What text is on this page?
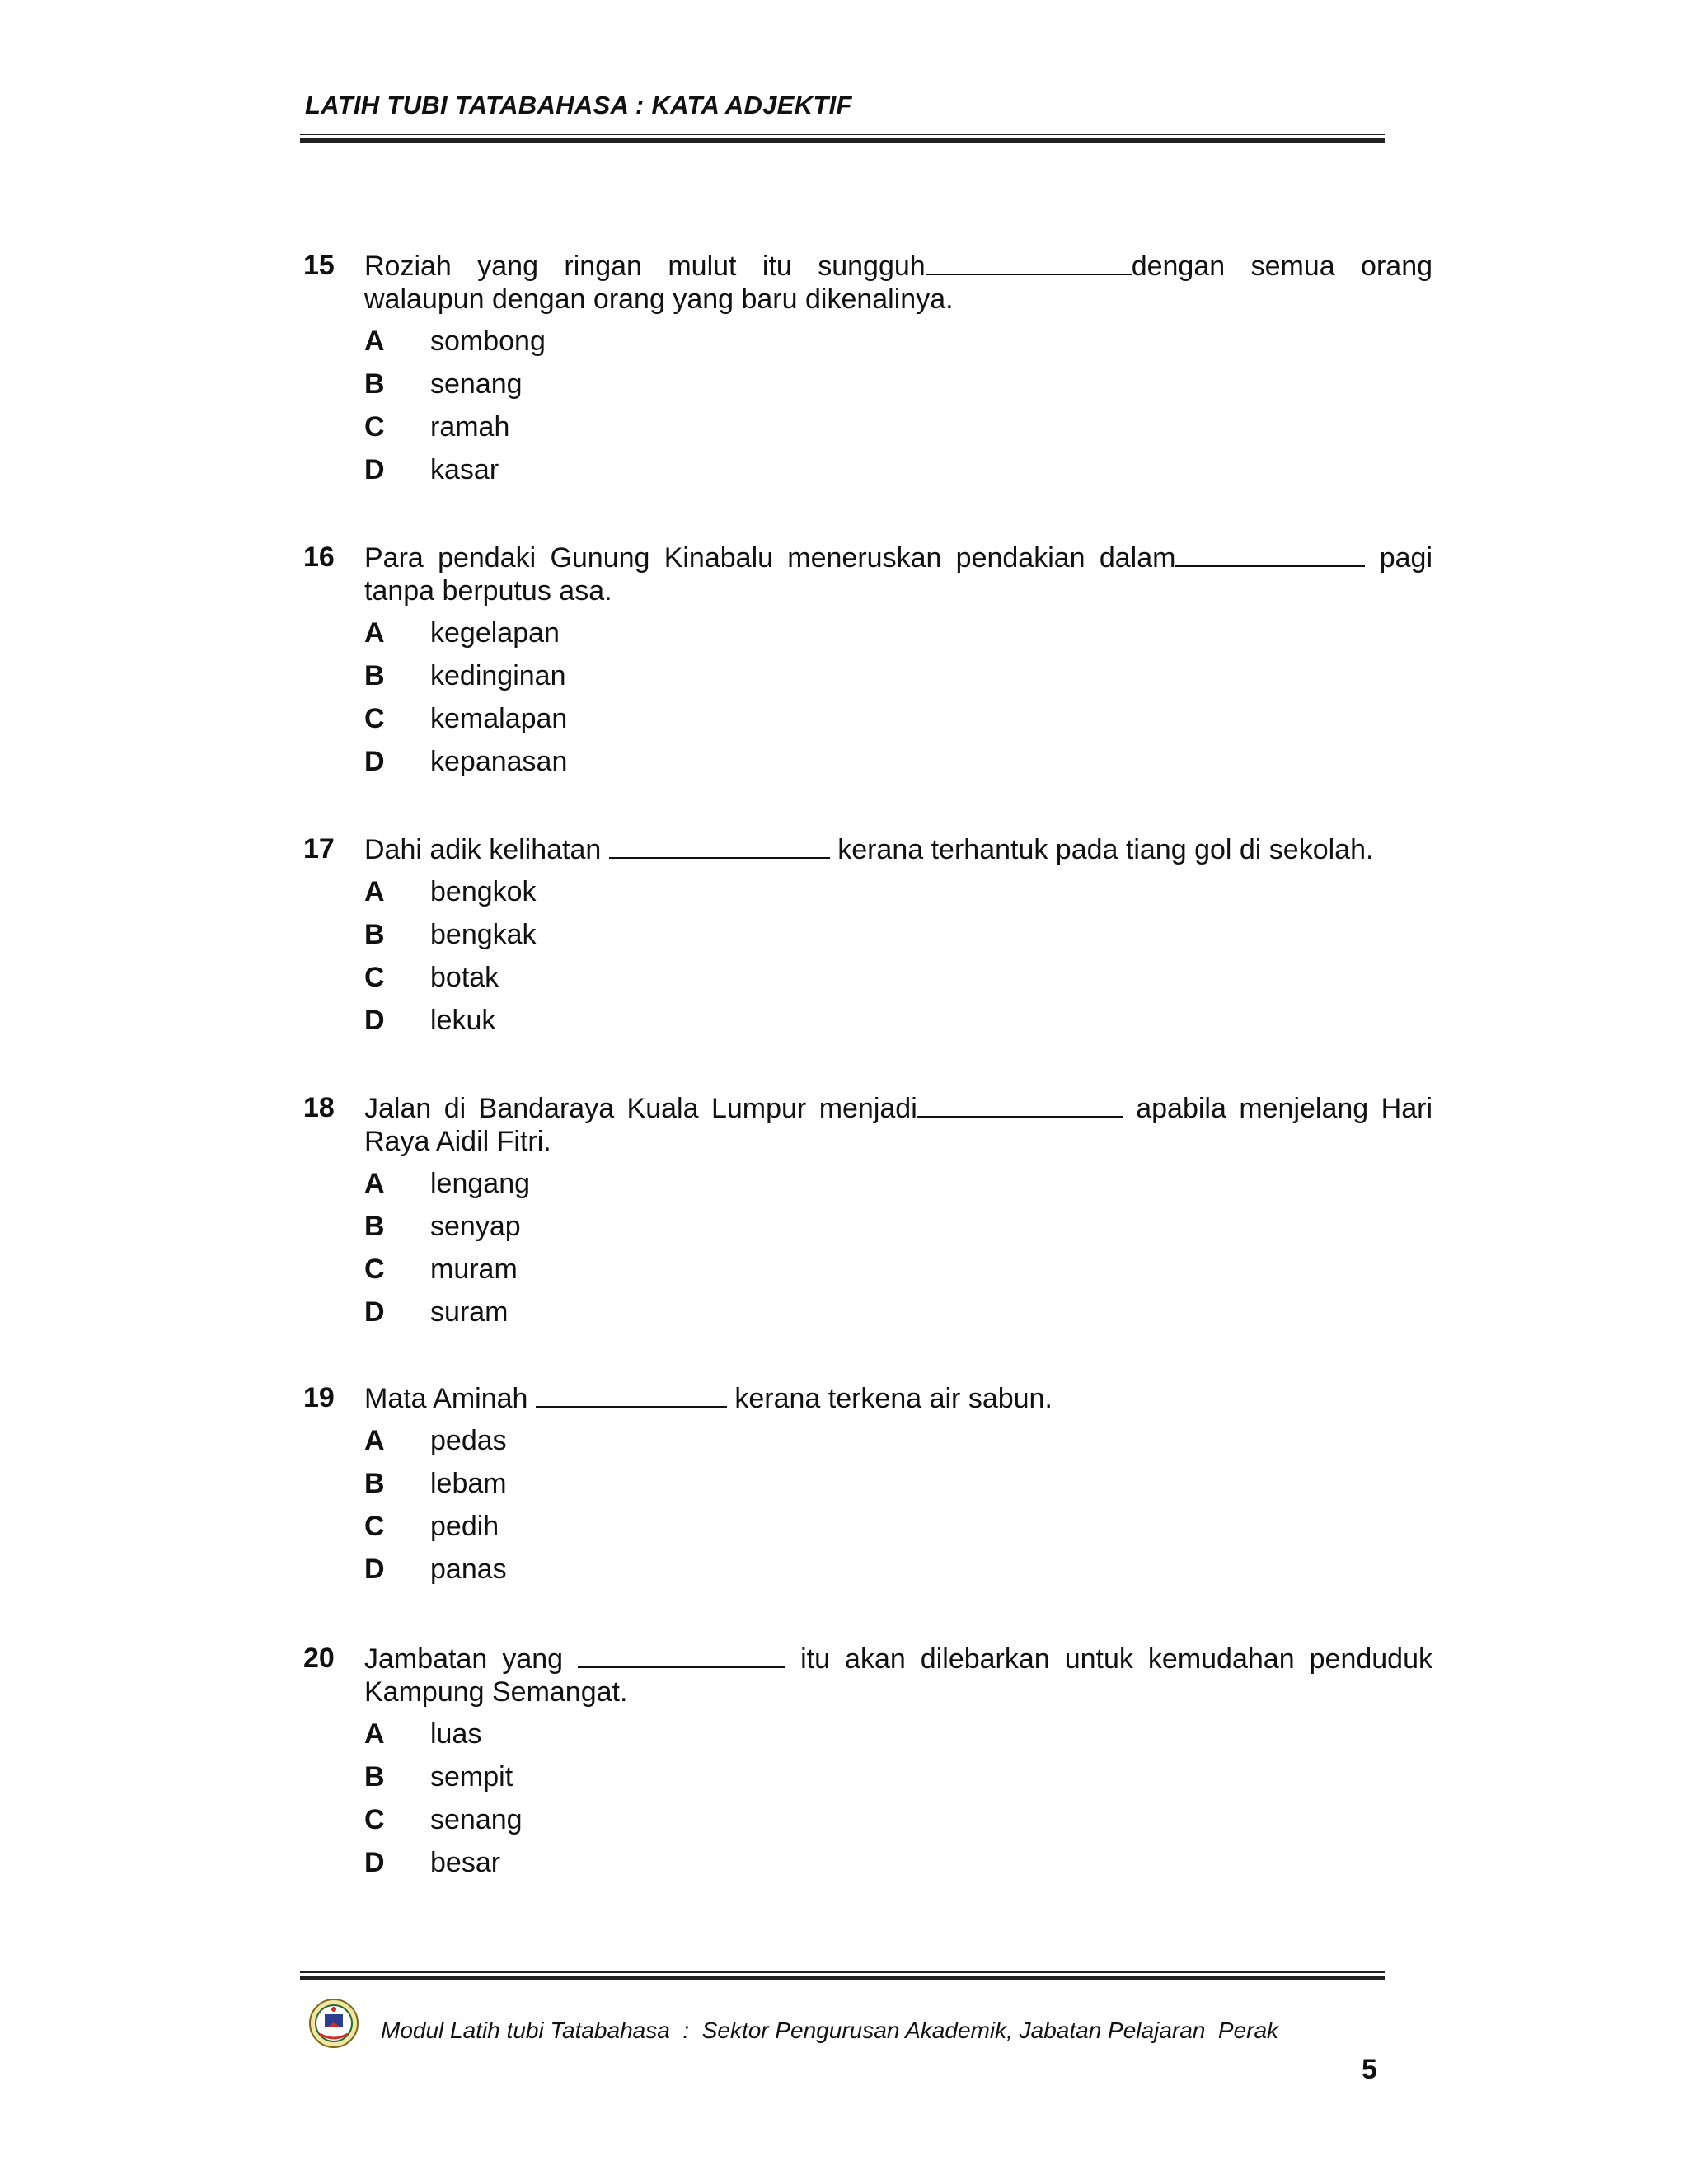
LATIH TUBI TATABAHASA : KATA ADJEKTIF
15 Roziah yang ringan mulut itu sungguh	dengan semua orang walaupun dengan orang yang baru dikenalinya.
A sombong
B senang
C ramah
D kasar
16 Para pendaki Gunung Kinabalu meneruskan pendakian dalam	pagi tanpa berputus asa.
A kegelapan
B kedinginan
C kemalapan
D kepanasan
17 Dahi adik kelihatan	kerana terhantuk pada tiang gol di sekolah.
A bengkok
B bengkak
C botak
D lekuk
18 Jalan di Bandaraya Kuala Lumpur menjadi	apabila menjelang Hari Raya Aidil Fitri.
A lengang
B senyap
C muram
D suram
19 Mata Aminah	kerana terkena air sabun.
A pedas
B lebam
C pedih
D panas
20 Jambatan yang	itu akan dilebarkan untuk kemudahan penduduk Kampung Semangat.
A luas
B sempit
C senang
D besar
Modul Latih tubi Tatabahasa  :  Sektor Pengurusan Akademik, Jabatan Pelajaran  Perak
5
